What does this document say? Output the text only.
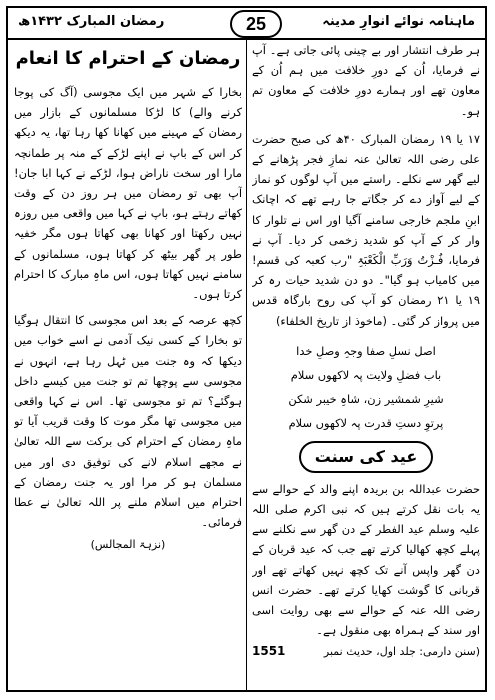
ماہنامہ نوائے انوارِ مدینہ
25
رمضان المبارک ۱۴۳۲ھ

ہر طرف انتشار اور بے چینی پائی جاتی ہے۔ آپ نے فرمایا، اُن کے دورِ خلافت میں ہم اُن کے معاون تھے اور ہمارے دورِ خلافت کے معاون تم ہو۔

۱۷ یا ۱۹ رمضان المبارک ۴۰ھ کی صبح حضرت علی رضی اللہ تعالیٰ عنہ نمازِ فجر پڑھانے کے لیے گھر سے نکلے۔ راستے میں آپ لوگوں کو نماز کے لیے آواز دے کر جگاتے جا رہے تھے کہ اچانک ابنِ ملجم خارجی سامنے آگیا اور اس نے تلوار کا وار کر کے آپ کو شدید زخمی کر دیا۔ آپ نے فرمایا، فُـزْتُ وَرَبِّ الْکَعْبَۃِ "رب کعبہ کی قسم! میں کامیاب ہو گیا"۔ دو دن شدید حیات رہ کر ۱۹ یا ۲۱ رمضان کو آپ کی روح بارگاہ قدس میں پرواز کر گئی۔ (ماخوذ از تاریخ الخلفاء)

اصل نسلِ صفا وجہِ وصلِ خدا
باب فضلِ ولایت پہ لاکھوں سلام
شیرِ شمشیر زن، شاہِ خیبر شکن
پرتوِ دستِ قدرت پہ لاکھوں سلام
عید کی سنت

حضرت عبداللہ بن بریدہ اپنے والد کے حوالے سے یہ بات نقل کرتے ہیں کہ نبی اکرم صلی اللہ علیہ وسلم عید الفطر کے دن گھر سے نکلنے سے پہلے کچھ کھالیا کرتے تھے جب کہ عید قربان کے دن گھر واپس آنے تک کچھ نہیں کھاتے تھے اور قربانی کا گوشت کھایا کرتے تھے۔ حضرت انس رضی اللہ عنہ کے حوالے سے بھی روایت اسی اور سند کے ہمراہ بھی منقول ہے۔

(سنن دارمی: جلد اول، حدیث نمبر
1551
رمضان کے احترام کا انعام

بخارا کے شہر میں ایک مجوسی (آگ کی پوجا کرنے والے) کا لڑکا مسلمانوں کے بازار میں رمضان کے مہینے میں کھانا کھا رہا تھا، یہ دیکھ کر اس کے باپ نے اپنے لڑکے کے منہ پر طمانچہ مارا اور سخت ناراض ہوا، لڑکے نے کہا ابا جان! آپ بھی تو رمضان میں ہر روز دن کے وقت کھاتے رہتے ہو، باپ نے کہا میں واقعی میں روزہ نہیں رکھتا اور کھانا بھی کھاتا ہوں مگر خفیہ طور پر گھر بیٹھ کر کھاتا ہوں، مسلمانوں کے سامنے نہیں کھاتا ہوں، اس ماہِ مبارک کا احترام کرتا ہوں۔

کچھ عرصہ کے بعد اس مجوسی کا انتقال ہوگیا تو بخارا کے کسی نیک آدمی نے اسے خواب میں دیکھا کہ وہ جنت میں ٹہل رہا ہے، انہوں نے مجوسی سے پوچھا تم تو جنت میں کیسے داخل ہوگئے؟ تم تو مجوسی تھا۔ اس نے کہا واقعی میں مجوسی تھا مگر موت کا وقت قریب آیا تو ماہِ رمضان کے احترام کی برکت سے اللہ تعالیٰ نے مجھے اسلام لانے کی توفیق دی اور میں مسلمان ہو کر مرا اور یہ جنت رمضان کے احترام میں اسلام ملنے پر اللہ تعالیٰ نے عطا فرمائی۔

(نزہۃ المجالس)
